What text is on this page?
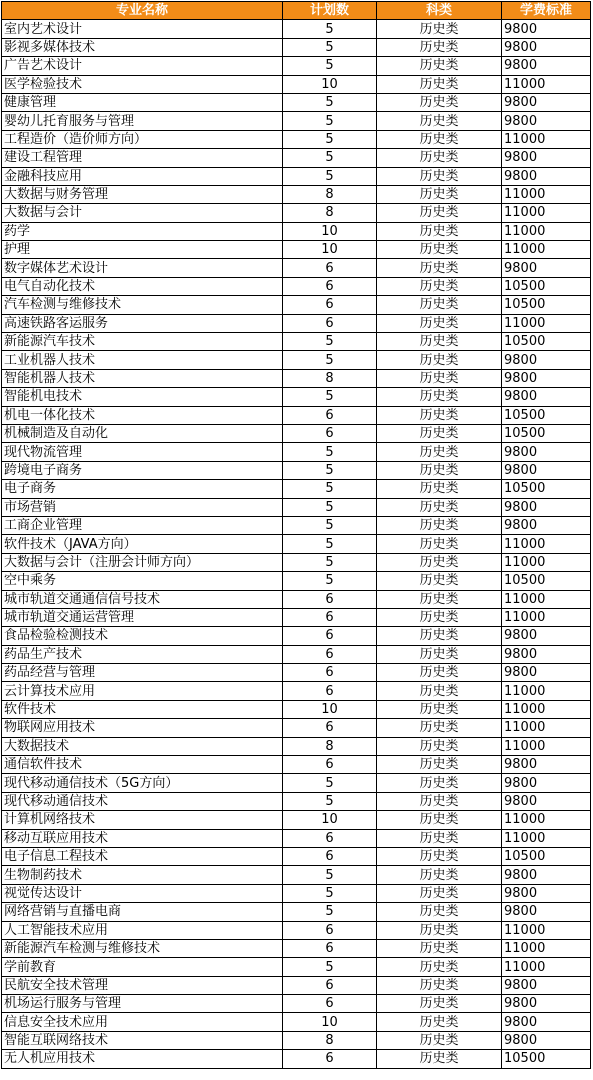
专业名称	计划数	科类	学费标准
室内艺术设计	5	历史类	9800
影视多媒体技术	5	历史类	9800
广告艺术设计	5	历史类	9800
医学检验技术	10	历史类	11000
健康管理	5	历史类	9800
婴幼儿托育服务与管理	5	历史类	9800
工程造价（造价师方向）	5	历史类	11000
建设工程管理	5	历史类	9800
金融科技应用	5	历史类	9800
大数据与财务管理	8	历史类	11000
大数据与会计	8	历史类	11000
药学	10	历史类	11000
护理	10	历史类	11000
数字媒体艺术设计	6	历史类	9800
电气自动化技术	6	历史类	10500
汽车检测与维修技术	6	历史类	10500
高速铁路客运服务	6	历史类	11000
新能源汽车技术	5	历史类	10500
工业机器人技术	5	历史类	9800
智能机器人技术	8	历史类	9800
智能机电技术	5	历史类	9800
机电一体化技术	6	历史类	10500
机械制造及自动化	6	历史类	10500
现代物流管理	5	历史类	9800
跨境电子商务	5	历史类	9800
电子商务	5	历史类	10500
市场营销	5	历史类	9800
工商企业管理	5	历史类	9800
软件技术（JAVA方向）	5	历史类	11000
大数据与会计（注册会计师方向）	5	历史类	11000
空中乘务	5	历史类	10500
城市轨道交通通信信号技术	6	历史类	11000
城市轨道交通运营管理	6	历史类	11000
食品检验检测技术	6	历史类	9800
药品生产技术	6	历史类	9800
药品经营与管理	6	历史类	9800
云计算技术应用	6	历史类	11000
软件技术	10	历史类	11000
物联网应用技术	6	历史类	11000
大数据技术	8	历史类	11000
通信软件技术	6	历史类	9800
现代移动通信技术（5G方向）	5	历史类	9800
现代移动通信技术	5	历史类	9800
计算机网络技术	10	历史类	11000
移动互联应用技术	6	历史类	11000
电子信息工程技术	6	历史类	10500
生物制药技术	5	历史类	9800
视觉传达设计	5	历史类	9800
网络营销与直播电商	5	历史类	9800
人工智能技术应用	6	历史类	11000
新能源汽车检测与维修技术	6	历史类	11000
学前教育	5	历史类	11000
民航安全技术管理	6	历史类	9800
机场运行服务与管理	6	历史类	9800
信息安全技术应用	10	历史类	9800
智能互联网络技术	8	历史类	9800
无人机应用技术	6	历史类	10500
